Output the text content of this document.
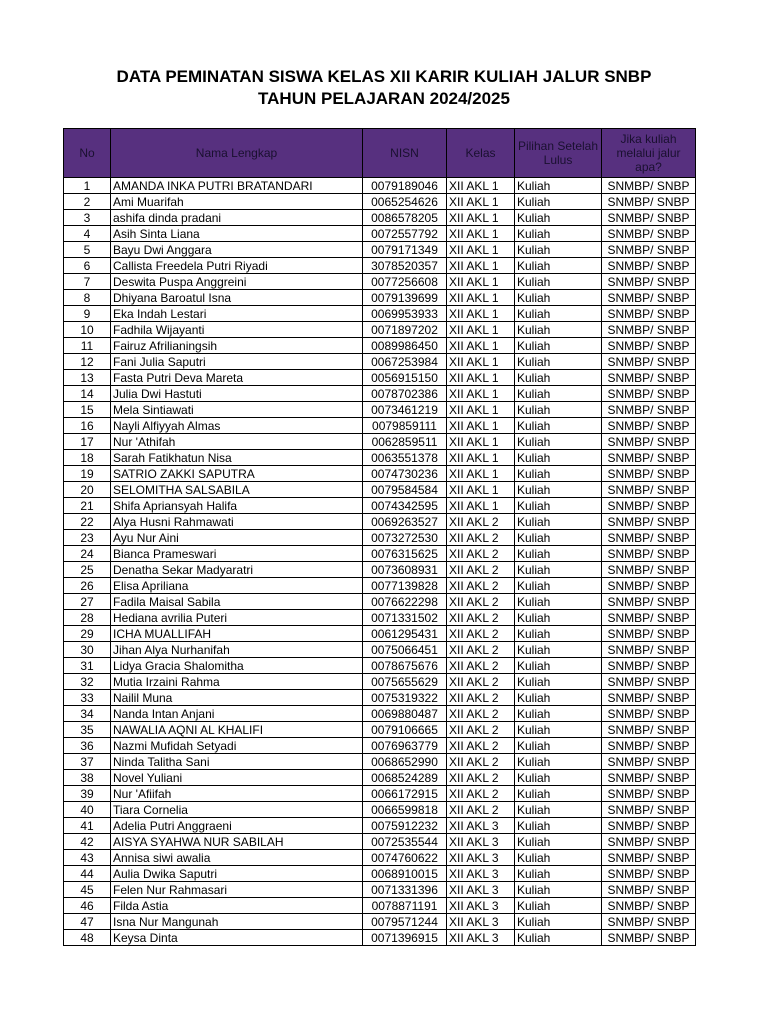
DATA PEMINATAN SISWA KELAS XII KARIR KULIAH JALUR SNBP
TAHUN PELAJARAN 2024/2025
No	Nama Lengkap	NISN	Kelas	Pilihan Setelah Lulus	Jika kuliah melalui jalur apa?
1	AMANDA INKA PUTRI BRATANDARI	0079189046	XII AKL 1	Kuliah	SNMBP/ SNBP
2	Ami Muarifah	0065254626	XII AKL 1	Kuliah	SNMBP/ SNBP
3	ashifa dinda pradani	0086578205	XII AKL 1	Kuliah	SNMBP/ SNBP
4	Asih Sinta Liana	0072557792	XII AKL 1	Kuliah	SNMBP/ SNBP
5	Bayu Dwi Anggara	0079171349	XII AKL 1	Kuliah	SNMBP/ SNBP
6	Callista Freedela Putri Riyadi	3078520357	XII AKL 1	Kuliah	SNMBP/ SNBP
7	Deswita Puspa Anggreini	0077256608	XII AKL 1	Kuliah	SNMBP/ SNBP
8	Dhiyana Baroatul Isna	0079139699	XII AKL 1	Kuliah	SNMBP/ SNBP
9	Eka Indah Lestari	0069953933	XII AKL 1	Kuliah	SNMBP/ SNBP
10	Fadhila Wijayanti	0071897202	XII AKL 1	Kuliah	SNMBP/ SNBP
11	Fairuz Afrilianingsih	0089986450	XII AKL 1	Kuliah	SNMBP/ SNBP
12	Fani Julia Saputri	0067253984	XII AKL 1	Kuliah	SNMBP/ SNBP
13	Fasta Putri Deva Mareta	0056915150	XII AKL 1	Kuliah	SNMBP/ SNBP
14	Julia Dwi Hastuti	0078702386	XII AKL 1	Kuliah	SNMBP/ SNBP
15	Mela Sintiawati	0073461219	XII AKL 1	Kuliah	SNMBP/ SNBP
16	Nayli Alfiyyah Almas	0079859111	XII AKL 1	Kuliah	SNMBP/ SNBP
17	Nur 'Athifah	0062859511	XII AKL 1	Kuliah	SNMBP/ SNBP
18	Sarah Fatikhatun Nisa	0063551378	XII AKL 1	Kuliah	SNMBP/ SNBP
19	SATRIO ZAKKI SAPUTRA	0074730236	XII AKL 1	Kuliah	SNMBP/ SNBP
20	SELOMITHA SALSABILA	0079584584	XII AKL 1	Kuliah	SNMBP/ SNBP
21	Shifa Apriansyah Halifa	0074342595	XII AKL 1	Kuliah	SNMBP/ SNBP
22	Alya Husni Rahmawati	0069263527	XII AKL 2	Kuliah	SNMBP/ SNBP
23	Ayu Nur Aini	0073272530	XII AKL 2	Kuliah	SNMBP/ SNBP
24	Bianca Prameswari	0076315625	XII AKL 2	Kuliah	SNMBP/ SNBP
25	Denatha Sekar Madyaratri	0073608931	XII AKL 2	Kuliah	SNMBP/ SNBP
26	Elisa Apriliana	0077139828	XII AKL 2	Kuliah	SNMBP/ SNBP
27	Fadila Maisal Sabila	0076622298	XII AKL 2	Kuliah	SNMBP/ SNBP
28	Hediana avrilia Puteri	0071331502	XII AKL 2	Kuliah	SNMBP/ SNBP
29	ICHA MUALLIFAH	0061295431	XII AKL 2	Kuliah	SNMBP/ SNBP
30	Jihan Alya Nurhanifah	0075066451	XII AKL 2	Kuliah	SNMBP/ SNBP
31	Lidya Gracia Shalomitha	0078675676	XII AKL 2	Kuliah	SNMBP/ SNBP
32	Mutia Irzaini Rahma	0075655629	XII AKL 2	Kuliah	SNMBP/ SNBP
33	Nailil Muna	0075319322	XII AKL 2	Kuliah	SNMBP/ SNBP
34	Nanda Intan Anjani	0069880487	XII AKL 2	Kuliah	SNMBP/ SNBP
35	NAWALIA AQNI AL KHALIFI	0079106665	XII AKL 2	Kuliah	SNMBP/ SNBP
36	Nazmi Mufidah Setyadi	0076963779	XII AKL 2	Kuliah	SNMBP/ SNBP
37	Ninda Talitha Sani	0068652990	XII AKL 2	Kuliah	SNMBP/ SNBP
38	Novel Yuliani	0068524289	XII AKL 2	Kuliah	SNMBP/ SNBP
39	Nur 'Afiifah	0066172915	XII AKL 2	Kuliah	SNMBP/ SNBP
40	Tiara Cornelia	0066599818	XII AKL 2	Kuliah	SNMBP/ SNBP
41	Adelia Putri Anggraeni	0075912232	XII AKL 3	Kuliah	SNMBP/ SNBP
42	AISYA SYAHWA NUR SABILAH	0072535544	XII AKL 3	Kuliah	SNMBP/ SNBP
43	Annisa siwi awalia	0074760622	XII AKL 3	Kuliah	SNMBP/ SNBP
44	Aulia Dwika Saputri	0068910015	XII AKL 3	Kuliah	SNMBP/ SNBP
45	Felen Nur Rahmasari	0071331396	XII AKL 3	Kuliah	SNMBP/ SNBP
46	Filda Astia	0078871191	XII AKL 3	Kuliah	SNMBP/ SNBP
47	Isna Nur Mangunah	0079571244	XII AKL 3	Kuliah	SNMBP/ SNBP
48	Keysa Dinta	0071396915	XII AKL 3	Kuliah	SNMBP/ SNBP
